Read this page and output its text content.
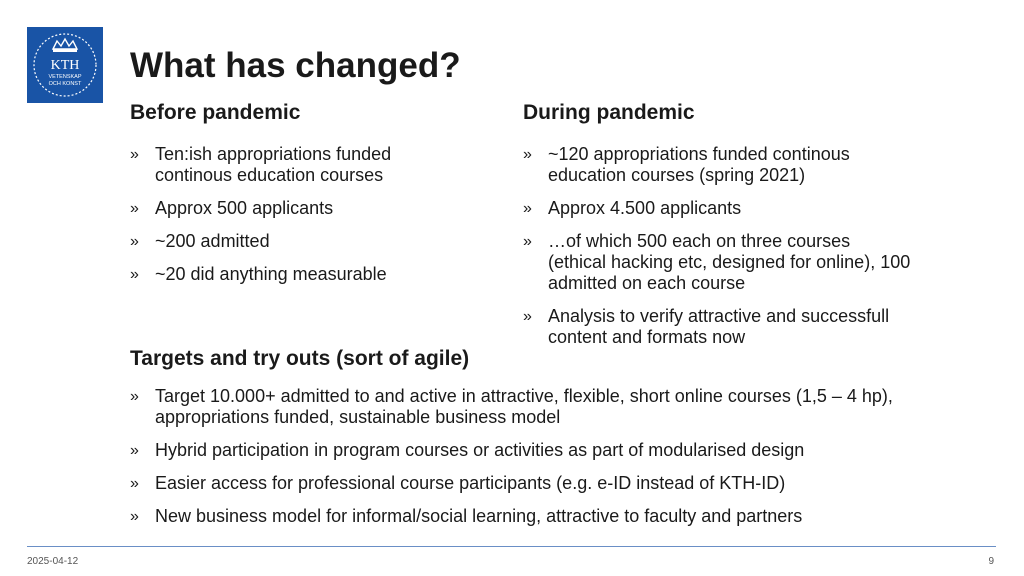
KTH
VETENSKAP
OCH KONST What has changed?
Before pandemic	During pandemic
» Ten:ish appropriations funded continous education courses
» Approx 500 applicants
» ~200 admitted
» ~20 did anything measurable
» ~120 appropriations funded continous education courses (spring 2021)
» Approx 4.500 applicants
» …of which 500 each on three courses (ethical hacking etc, designed for online), 100 admitted on each course
» Analysis to verify attractive and successfull content and formats now
Targets and try outs (sort of agile)
» Target 10.000+ admitted to and active in attractive, flexible, short online courses (1,5 – 4 hp), appropriations funded, sustainable business model
» Hybrid participation in program courses or activities as part of modularised design
» Easier access for professional course participants (e.g. e-ID instead of KTH-ID)
» New business model for informal/social learning, attractive to faculty and partners
2025-04-12	9
